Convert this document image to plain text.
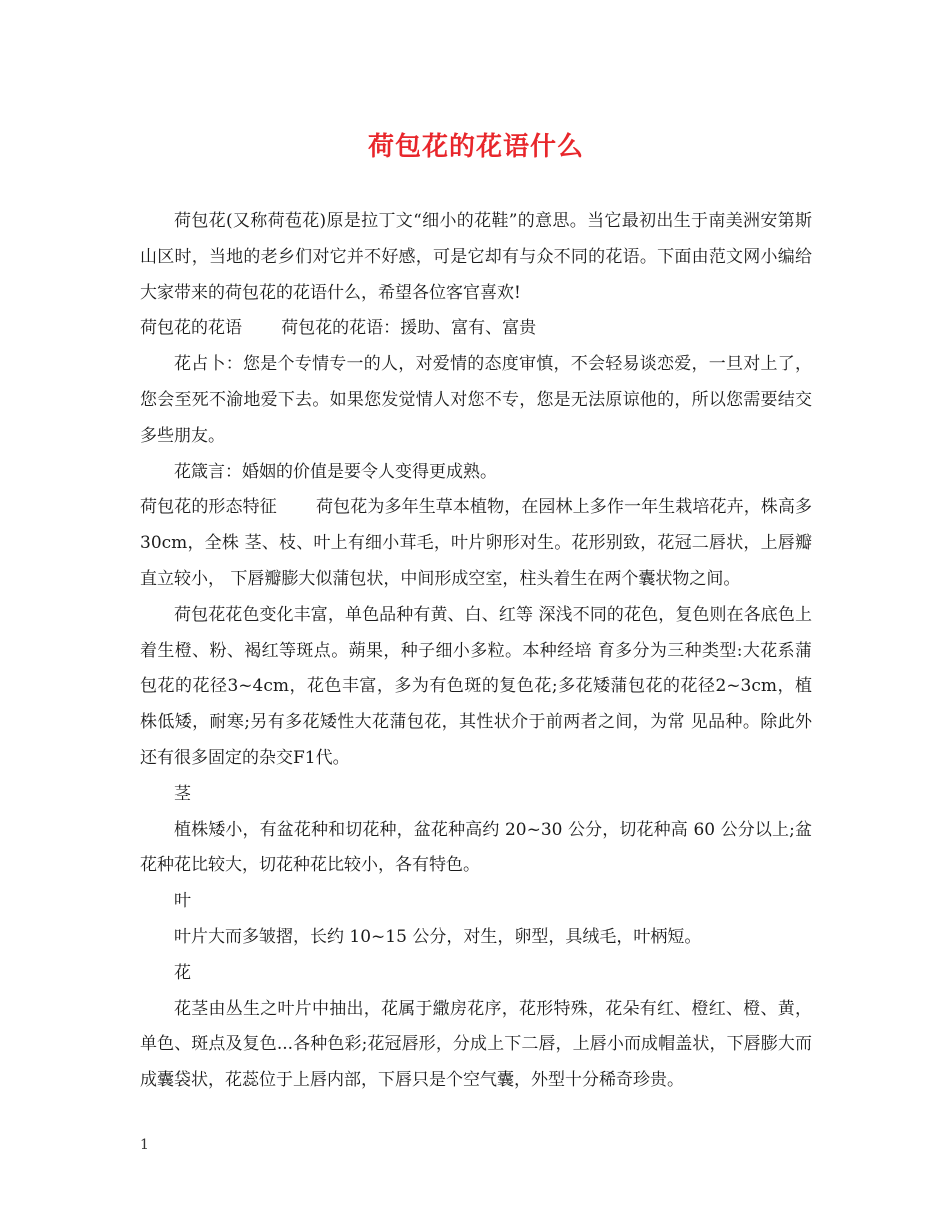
荷包花的花语什么

荷包花(又称荷苞花)原是拉丁文“细小的花鞋”的意思。当它最初出生于南美洲安第斯山区时，当地的老乡们对它并不好感，可是它却有与众不同的花语。下面由范文网小编给大家带来的荷包花的花语什么，希望各位客官喜欢!

荷包花的花语 荷包花的花语：援助、富有、富贵

花占卜：您是个专情专一的人，对爱情的态度审慎，不会轻易谈恋爱，一旦对上了，您会至死不渝地爱下去。如果您发觉情人对您不专，您是无法原谅他的，所以您需要结交多些朋友。

花箴言：婚姻的价值是要令人变得更成熟。

荷包花的形态特征 荷包花为多年生草本植物，在园林上多作一年生栽培花卉，株高多30cm，全株 茎、枝、叶上有细小茸毛，叶片卵形对生。花形别致，花冠二唇状，上唇瓣直立较小， 下唇瓣膨大似蒲包状，中间形成空室，柱头着生在两个囊状物之间。

荷包花花色变化丰富，单色品种有黄、白、红等 深浅不同的花色，复色则在各底色上着生橙、粉、褐红等斑点。蒴果，种子细小多粒。本种经培 育多分为三种类型:大花系蒲包花的花径3~4cm，花色丰富，多为有色斑的复色花;多花矮蒲包花的花径2~3cm，植株低矮，耐寒;另有多花矮性大花蒲包花，其性状介于前两者之间，为常 见品种。除此外还有很多固定的杂交F1代。

茎

植株矮小，有盆花种和切花种，盆花种高约 20~30 公分，切花种高 60 公分以上;盆花种花比较大，切花种花比较小，各有特色。

叶

叶片大而多皱摺，长约 10~15 公分，对生，卵型，具绒毛，叶柄短。

花

花茎由丛生之叶片中抽出，花属于繖房花序，花形特殊，花朵有红、橙红、橙、黄，单色、斑点及复色...各种色彩;花冠唇形，分成上下二唇，上唇小而成帽盖状，下唇膨大而成囊袋状，花蕊位于上唇内部，下唇只是个空气囊，外型十分稀奇珍贵。

1
